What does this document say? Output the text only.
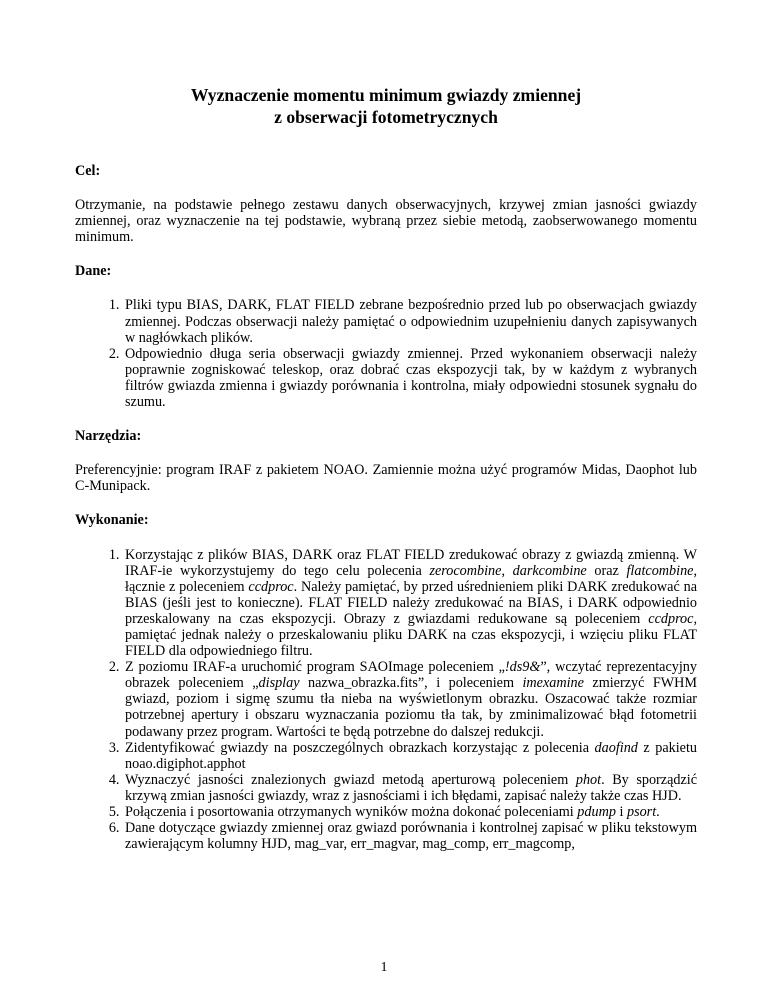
Wyznaczenie momentu minimum gwiazdy zmiennej
z obserwacji fotometrycznych
Cel:

Otrzymanie, na podstawie pełnego zestawu danych obserwacyjnych, krzywej zmian jasności gwiazdy zmiennej, oraz wyznaczenie na tej podstawie, wybraną przez siebie metodą, zaobserwowanego momentu minimum.

Dane:
1. Pliki typu BIAS, DARK, FLAT FIELD zebrane bezpośrednio przed lub po obserwacjach gwiazdy zmiennej. Podczas obserwacji należy pamiętać o odpowiednim uzupełnieniu danych zapisywanych w nagłówkach plików.
2. Odpowiednio długa seria obserwacji gwiazdy zmiennej. Przed wykonaniem obserwacji należy poprawnie zogniskować teleskop, oraz dobrać czas ekspozycji tak, by w każdym z wybranych filtrów gwiazda zmienna i gwiazdy porównania i kontrolna, miały odpowiedni stosunek sygnału do szumu.
Narzędzia:

Preferencyjnie: program IRAF z pakietem NOAO. Zamiennie można użyć programów Midas, Daophot lub C-Munipack.

Wykonanie:
1. Korzystając z plików BIAS, DARK oraz FLAT FIELD zredukować obrazy z gwiazdą zmienną. W IRAF-ie wykorzystujemy do tego celu polecenia zerocombine, darkcombine oraz flatcombine, łącznie z poleceniem ccdproc. Należy pamiętać, by przed uśrednieniem pliki DARK zredukować na BIAS (jeśli jest to konieczne). FLAT FIELD należy zredukować na BIAS, i DARK odpowiednio przeskalowany na czas ekspozycji. Obrazy z gwiazdami redukowane są poleceniem ccdproc, pamiętać jednak należy o przeskalowaniu pliku DARK na czas ekspozycji, i wzięciu pliku FLAT FIELD dla odpowiedniego filtru.
2. Z poziomu IRAF-a uruchomić program SAOImage poleceniem „!ds9&”, wczytać reprezentacyjny obrazek poleceniem „display nazwa_obrazka.fits”, i poleceniem imexamine zmierzyć FWHM gwiazd, poziom i sigmę szumu tła nieba na wyświetlonym obrazku. Oszacować także rozmiar potrzebnej apertury i obszaru wyznaczania poziomu tła tak, by zminimalizować błąd fotometrii podawany przez program. Wartości te będą potrzebne do dalszej redukcji.
3. Zidentyfikować gwiazdy na poszczególnych obrazkach korzystając z polecenia daofind z pakietu noao.digiphot.apphot
4. Wyznaczyć jasności znalezionych gwiazd metodą aperturową poleceniem phot. By sporządzić krzywą zmian jasności gwiazdy, wraz z jasnościami i ich błędami, zapisać należy także czas HJD.
5. Połączenia i posortowania otrzymanych wyników można dokonać poleceniami pdump i psort.
6. Dane dotyczące gwiazdy zmiennej oraz gwiazd porównania i kontrolnej zapisać w pliku tekstowym zawierającym kolumny HJD, mag_var, err_magvar, mag_comp, err_magcomp,
1
